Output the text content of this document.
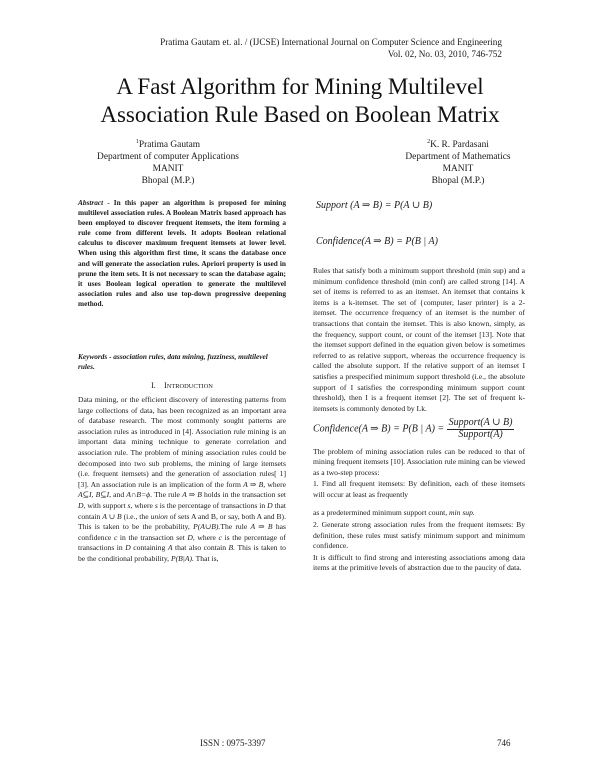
Pratima Gautam et. al. / (IJCSE) International Journal on Computer Science and Engineering
Vol. 02, No. 03, 2010, 746-752
A Fast Algorithm for Mining Multilevel
Association Rule Based on Boolean Matrix
$^1$Pratima Gautam
Department of computer Applications
MANIT
Bhopal (M.P.)
$^2$K. R. Pardasani
Department of Mathematics
MANIT
Bhopal (M.P.)
Abstract - In this paper an algorithm is proposed for mining multilevel association rules. A Boolean Matrix based approach has been employed to discover frequent itemsets, the item forming a rule come from different levels. It adopts Boolean relational calculus to discover maximum frequent itemsets at lower level. When using this algorithm first time, it scans the database once and will generate the association rules. Apriori property is used in prune the item sets. It is not necessary to scan the database again; it uses Boolean logical operation to generate the multilevel association rules and also use top-down progressive deepening method.
Keywords - association rules, data mining, fuzziness, multilevel rules.
I. INTRODUCTION

Data mining, or the efficient discovery of interesting patterns from large collections of data, has been recognized as an important area of database research. The most commonly sought patterns are association rules as introduced in [4]. Association rule mining is an important data mining technique to generate correlation and association rule. The problem of mining association rules could be decomposed into two sub problems, the mining of large itemsets (i.e. frequent itemsets) and the generation of association rules[ 1] [3]. An association rule is an implication of the form A ⇒ B, where A⊆I, B⊆I, and A∩B=ϕ. The rule A ⇒ B holds in the transaction set D, with support s, where s is the percentage of transactions in D that contain A ∪ B (i.e., the union of sets A and B, or say, both A and B). This is taken to be the probability, P(A∪B).The rule A ⇒ B has confidence c in the transaction set D, where c is the percentage of transactions in D containing A that also contain B. This is taken to be the conditional probability, P(B|A). That is,

Support (A ⇒ B) = P(A ∪ B)
Confidence(A ⇒ B) = P(B | A)

Rules that satisfy both a minimum support threshold (min sup) and a minimum confidence threshold (min conf) are called strong [14]. A set of items is referred to as an itemset. An itemset that contains k items is a k-itemset. The set of {computer, laser printer} is a 2-itemset. The occurrence frequency of an itemset is the number of transactions that contain the itemset. This is also known, simply, as the frequency, support count, or count of the itemset [13]. Note that the itemset support defined in the equation given below is sometimes referred to as relative support, whereas the occurrence frequency is called the absolute support. If the relative support of an itemset I satisfies a prespecified minimum support threshold (i.e., the absolute support of I satisfies the corresponding minimum support count threshold), then I is a frequent itemset [2]. The set of frequent k-itemsets is commonly denoted by Lk.

Confidence(A ⇒ B) = P(B | $A) = \frac{\text{Support(A ∪ B)}}{\text{Support(A)}}$

The problem of mining association rules can be reduced to that of mining frequent itemsets [10]. Association rule mining can be viewed as a two-step process:

1. Find all frequent itemsets: By definition, each of these itemsets will occur at least as frequently

as a predetermined minimum support count, min sup.

2. Generate strong association rules from the frequent itemsets: By definition, these rules must satisfy minimum support and minimum confidence.

It is difficult to find strong and interesting associations among data items at the primitive levels of abstraction due to the paucity of data.

ISSN : 0975-3397	746
